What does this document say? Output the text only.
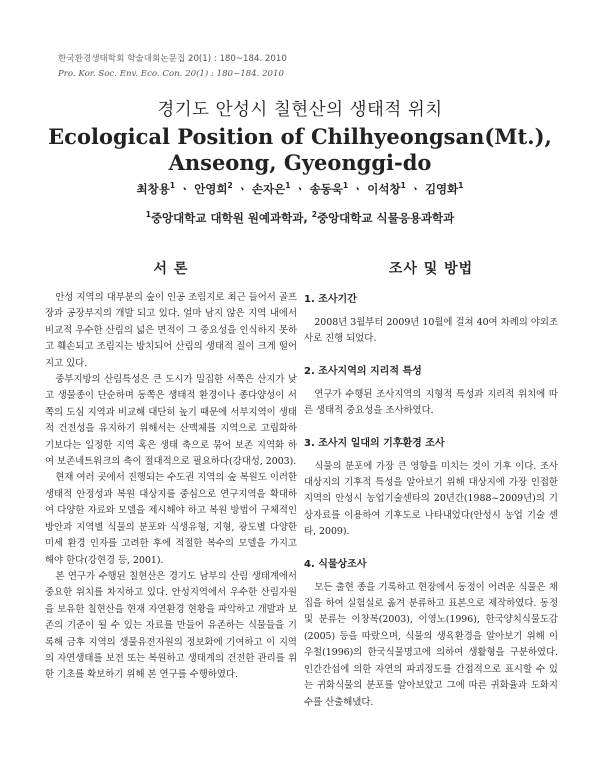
한국환경생태학회 학술대회논문집 20(1) : 180~184. 2010
Pro. Kor. Soc. Env. Eco. Con. 20(1) : 180~184. 2010
경기도 안성시 칠현산의 생태적 위치
Ecological Position of Chilhyeongsan(Mt.),
Anseong, Gyeonggi-do
최창용$^1$ ㆍ 안영희$^2$ ㆍ 손자은$^1$ ㆍ 송동욱$^1$ ㆍ 이석창$^1$ ㆍ 김영화$^1$
$^1$중앙대학교 대학원 원예과학과, $^2$중앙대학교 식물응용과학과
서 론

안성 지역의 대부분의 숲이 인공 조림지로 최근 들어서 골프장과 공장부지의 개발 되고 있다. 얼마 남지 않은 지역 내에서 비교적 우수한 산림의 넓은 면적이 그 중요성을 인식하지 못하고 훼손되고 조림지는 방치되어 산림의 생태적 질이 크게 떨어지고 있다.

중부지방의 산림특성은 큰 도시가 밀집한 서쪽은 산지가 낮고 생물종이 단순하며 동쪽은 생태적 환경이나 종다양성이 서쪽의 도심 지역과 비교해 대단히 높기 때문에 서부지역이 생태적 건전성을 유지하기 위해서는 산맥체를 지역으로 고립화하기보다는 일정한 지역 혹은 생태 축으로 묶어 보존 지역화 하여 보존네트워크의 축이 절대적으로 필요하다(강대성, 2003).

현재 여러 곳에서 진행되는 수도권 지역의 숲 복원도 이러한 생태적 안정성과 복원 대상지를 중심으로 연구지역을 확대하여 다양한 자료와 모델을 제시해야 하고 복원 방법이 구체적인 방안과 지역별 식물의 분포와 식생유형, 지형, 광도별 다양한 미세 환경 인자를 고려한 후에 적절한 복수의 모델을 가지고 해야 한다(강현경 등, 2001).

본 연구가 수행된 칠현산은 경기도 남부의 산림 생태계에서 중요한 위치를 차지하고 있다. 안성지역에서 우수한 산림자원을 보유한 칠현산을 현재 자연환경 현황을 파악하고 개발과 보존의 기준이 될 수 있는 자료를 만들어 유존하는 식물들을 기록해 금후 지역의 생물유전자원의 정보화에 기여하고 이 지역의 자연생태를 보전 또는 복원하고 생태계의 건전한 관리를 위한 기초를 확보하기 위해 본 연구를 수행하였다.

조사 및 방법
1. 조사기간

2008년 3월부터 2009년 10월에 걸쳐 40여 차례의 야외조사로 진행 되었다.

2. 조사지역의 지리적 특성

연구가 수행된 조사지역의 지형적 특성과 지리적 위치에 따른 생태적 중요성을 조사하였다.

3. 조사지 일대의 기후환경 조사

식물의 분포에 가장 큰 영향을 미치는 것이 기후 이다. 조사 대상지의 기후적 특성을 알아보기 위해 대상지에 가장 인접한 지역의 안성시 농업기술센타의 20년간(1988~2009년)의 기상자료를 이용하여 기후도로 나타내었다(안성시 농업 기술 센타, 2009).

4. 식물상조사

모든 출현 종을 기록하고 현장에서 동정이 어려운 식물은 채집을 하여 실험실로 옮겨 분류하고 표본으로 제작하였다. 동정 및 분류는 이창복(2003), 이영노(1996), 한국양치식물도감(2005) 등을 따랐으며, 식물의 생육환경을 알아보기 위해 이우철(1996)의 한국식물명고에 의하여 생활형을 구분하였다. 인간간섭에 의한 자연의 파괴정도를 간접적으로 표시할 수 있는 귀화식물의 분포를 알아보았고 그에 따른 귀화율과 도화지수를 산출해냈다.
